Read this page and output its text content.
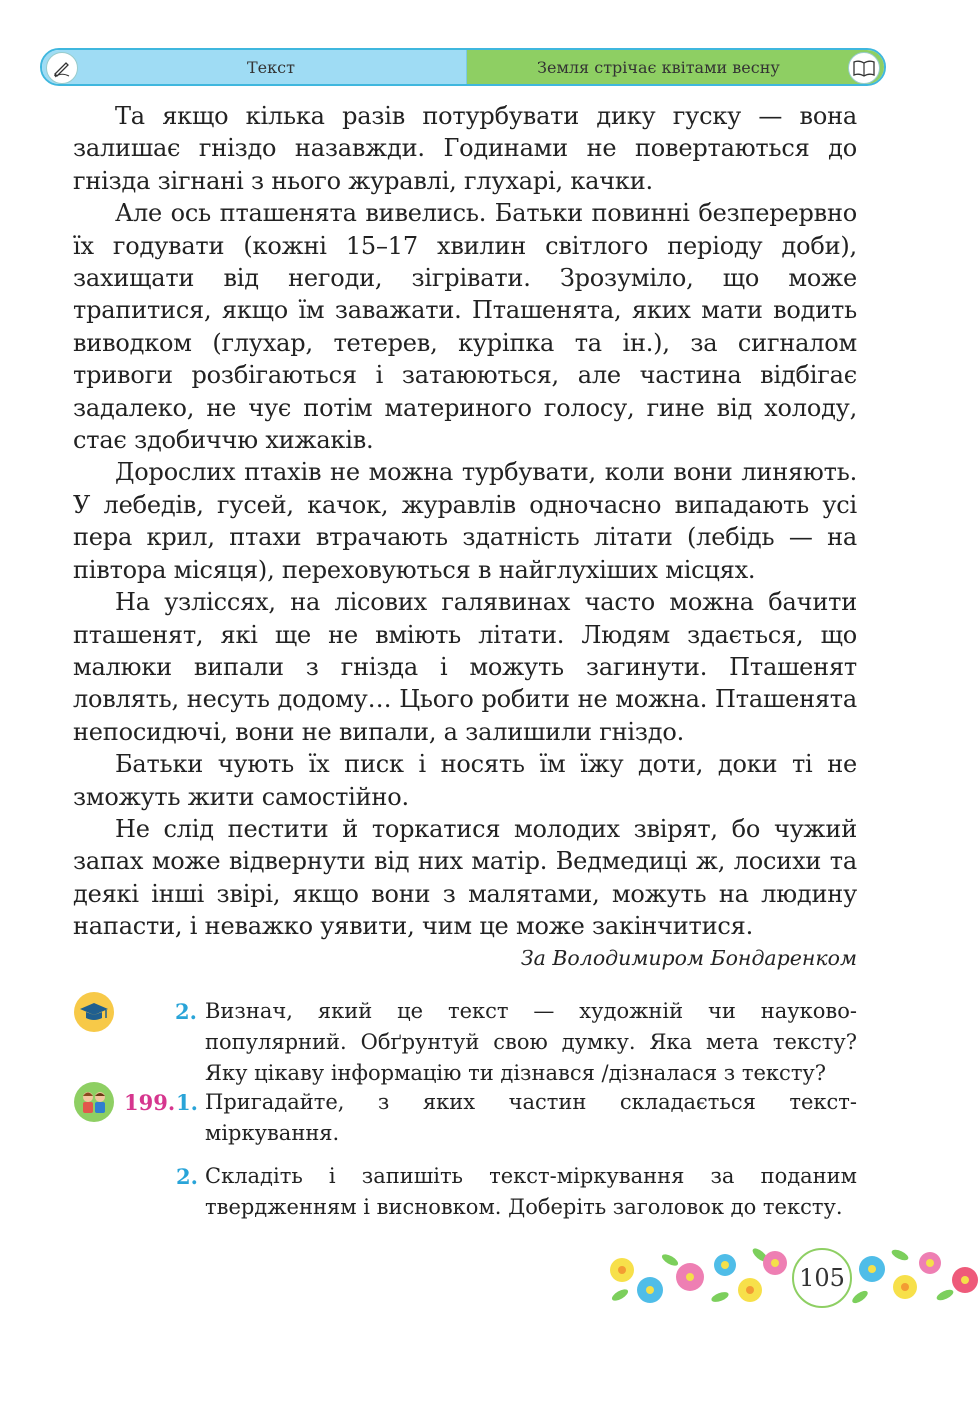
Текст	Земля стрічає квітами весну

Та якщо кілька разів потурбувати дику гуску — вона залишає гніздо назавжди. Годинами не повертаються до гнізда зігнані з нього журавлі, глухарі, качки.

Але ось пташенята вивелись. Батьки повинні безперервно їх годувати (кожні 15–17 хвилин світлого періоду доби), захищати від негоди, зігрівати. Зрозуміло, що може трапитися, якщо їм заважати. Пташенята, яких мати водить виводком (глухар, тетерев, куріпка та ін.), за сигналом тривоги розбігаються і затаюються, але частина відбігає задалеко, не чує потім материного голосу, гине від холоду, стає здобиччю хижаків.

Дорослих птахів не можна турбувати, коли вони линяють. У лебедів, гусей, качок, журавлів одночасно випадають усі пера крил, птахи втрачають здатність літати (лебідь — на півтора місяця), переховуються в найглухіших місцях.

На узліссях, на лісових галявинах часто можна бачити пташенят, які ще не вміють літати. Людям здається, що малюки випали з гнізда і можуть загинути. Пташенят ловлять, несуть додому… Цього робити не можна. Пташенята непосидючі, вони не випали, а залишили гніздо.

Батьки чують їх писк і носять їм їжу доти, доки ті не зможуть жити самостійно.

Не слід пестити й торкатися молодих звірят, бо чужий запах може відвернути від них матір. Ведмедиці ж, лосихи та деякі інші звірі, якщо вони з малятами, можуть на людину напасти, і неважко уявити, чим це може закінчитися.

За Володимиром Бондаренком

2. Визнач, який це текст — художній чи науково-популярний. Обґрунтуй свою думку. Яка мета тексту? Яку цікаву інформацію ти дізнався /дізналася з тексту?

199. 1. Пригадайте, з яких частин складається текст-міркування.

2. Складіть і запишіть текст-міркування за поданим твердженням і висновком. Доберіть заголовок до тексту.

105
